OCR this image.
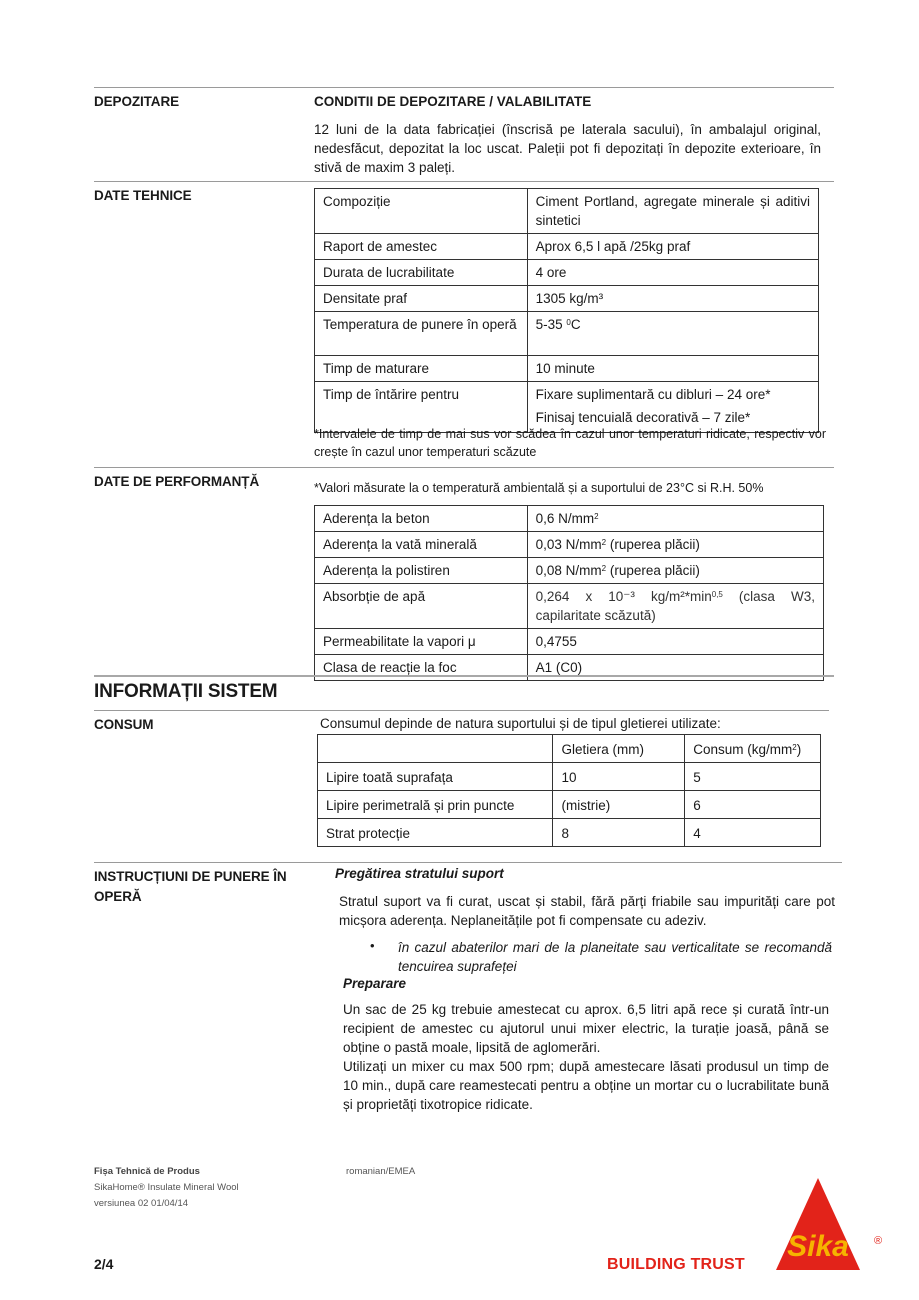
DEPOZITARE	CONDITII DE DEPOZITARE / VALABILITATE
12 luni de la data fabricației (înscrisă pe laterala sacului), în ambalajul original, nedesfăcut, depozitat la loc uscat. Paleții pot fi depozitați în depozite exterioare, în stivă de maxim 3 paleți.
DATE TEHNICE	Compoziție	Ciment Portland, agregate minerale și aditivi sintetici
Raport de amestec	Aprox 6,5 l apă /25kg praf
Durata de lucrabilitate	4 ore
Densitate praf	1305 kg/m³
Temperatura de punere în operă	5-35 $^0$C
Timp de maturare	10 minute
Timp de întărire pentru	Fixare suplimentară cu dibluri – 24 ore*
Finisaj tencuială decorativă – 7 zile*
*Intervalele de timp de mai sus vor scădea în cazul unor temperaturi ridicate, respectiv vor crește în cazul unor temperaturi scăzute
DATE DE PERFORMANȚĂ	*Valori măsurate la o temperatură ambientală și a suportului de 23°C si R.H. 50%
Aderența la beton	0,6 $N/mm^2$
Aderența la vată minerală	0,03 $N/mm^2$ (ruperea plăcii)
Aderența la polistiren	0,08 $N/mm^2$ (ruperea plăcii)
Absorbție de apă	0,264 x 10⁻³ $kg/m^2*\min^{0,5}$ (clasa W3, capilaritate scăzută)
Permeabilitate la vapori μ	0,4755
Clasa de reacție la foc	A1 (C0)
INFORMAȚII SISTEM
CONSUM	Consumul depinde de natura suportului și de tipul gletierei utilizate:
	Gletiera (mm)	Consum $(kg/mm^2)$
Lipire toată suprafața	10	5
Lipire perimetrală și prin puncte	(mistrie)	6
Strat protecție	8	4
INSTRUCȚIUNI DE PUNERE ÎN OPERĂ
Pregătirea stratului suport
Stratul suport va fi curat, uscat și stabil, fără părți friabile sau impurități care pot micșora aderența. Neplaneitățile pot fi compensate cu adeziv.
• în cazul abaterilor mari de la planeitate sau verticalitate se recomandă tencuirea suprafeței
Preparare
Un sac de 25 kg trebuie amestecat cu aprox. 6,5 litri apă rece și curată într-un recipient de amestec cu ajutorul unui mixer electric, la turație joasă, până se obține o pastă moale, lipsită de aglomerări.
Utilizați un mixer cu max 500 rpm; după amestecare lăsati produsul un timp de 10 min., după care reamestecati pentru a obține un mortar cu o lucrabilitate bună și proprietăți tixotropice ridicate.
Fișa Tehnică de Produs
SikaHome® Insulate Mineral Wool
versiunea 02 01/04/14
romanian/EMEA
2/4	BUILDING TRUST
Sika ®
